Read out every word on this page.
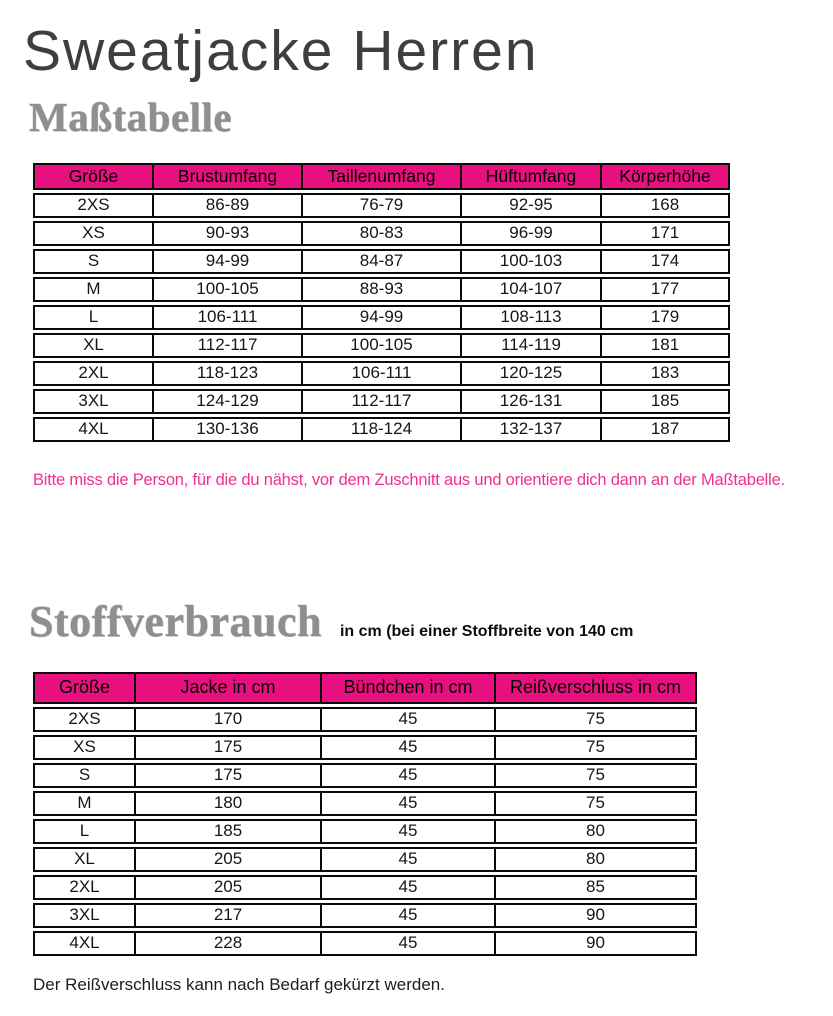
Sweatjacke Herren
Maßtabelle
Größe	Brustumfang	Taillenumfang	Hüftumfang	Körperhöhe
2XS	86-89	76-79	92-95	168
XS	90-93	80-83	96-99	171
S	94-99	84-87	100-103	174
M	100-105	88-93	104-107	177
L	106-111	94-99	108-113	179
XL	112-117	100-105	114-119	181
2XL	118-123	106-111	120-125	183
3XL	124-129	112-117	126-131	185
4XL	130-136	118-124	132-137	187

Bitte miss die Person, für die du nähst, vor dem Zuschnitt aus und orientiere dich dann an der Maßtabelle.

Stoffverbrauch in cm (bei einer Stoffbreite von 140 cm
Größe	Jacke in cm	Bündchen in cm	Reißverschluss in cm
2XS	170	45	75
XS	175	45	75
S	175	45	75
M	180	45	75
L	185	45	80
XL	205	45	80
2XL	205	45	85
3XL	217	45	90
4XL	228	45	90

Der Reißverschluss kann nach Bedarf gekürzt werden.
